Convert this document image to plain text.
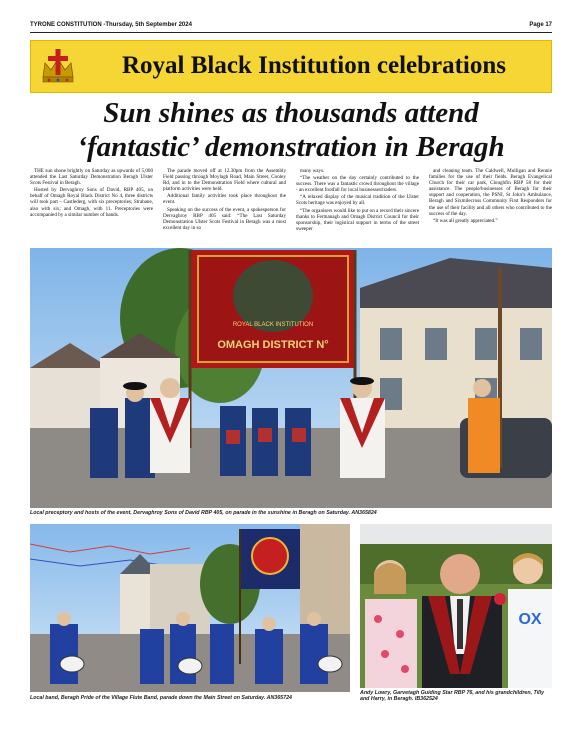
TYRONE CONSTITUTION -Thursday, 5th September 2024	Page 17
Royal Black Institution celebrations
Sun shines as thousands attend
‘fantastic’ demonstration in Beragh

THE sun shone brightly on Saturday as upwards of 5,000 attended the Last Saturday Demonstration Beragh Ulster Scots Festival in Beragh.

Hosted by Dervaghroy Sons of David, RBP 405, on behalf of Omagh Royal Black District No 4, three districts will took part – Castlederg, with six preceptories; Strabane, also with six; and Omagh, with 11. Preceptories were accompanied by a similar number of bands.

The parade moved off at 12.30pm from the Assembly Field passing through Moylagh Road, Main Street, Cooley Rd, and in to the Demonstration Field where cultural and platform activities were held.

Additional family activities took place throughout the event.

Speaking on the success of the event, a spokesperson for Dervaghroy RBP 405 said: “The Last Saturday Demonstration Ulster Scots Festival in Beragh was a most excellent day in so

many ways.

“The weather on the day certainly contributed to the success. There was a fantastic crowd throughout the village - an excellent footfall for local businesses/traders.

“A relaxed display of the musical tradition of the Ulster Scots heritage was enjoyed by all.

“The organisers would like to put on a record their sincere thanks to Fermanagh and Omagh District Council for their sponsorship, their logistical support in terms of the street sweeper

and cleaning team. The Caldwell, Mulligan and Rennie families for the use of their fields. Beragh Evangelical Church for their car park, Cloughfin RBP 58 for their assistance. The people/businesses of Beragh for their support and cooperation, the PSNI, St John’s Ambulance, Beragh and Sixmilecross Community First Responders for the use of their facility and all others who contributed to the success of the day.

“It was all greatly appreciated.”

ROYAL BLACK INSTITUTION
OMAGH DISTRICT N°
Local preceptory and hosts of the event, Dervaghroy Sons of David RBP 405, on parade in the sunshine in Beragh on Saturday. AN365824
Local band, Beragh Pride of the Village Flute Band, parade down the Main Street on Saturday. AN365724
OX
Andy Lowry, Garvetagh Guiding Star RBP 76, and his grandchildren, Tilly and Harry, in Beragh. IB362524
